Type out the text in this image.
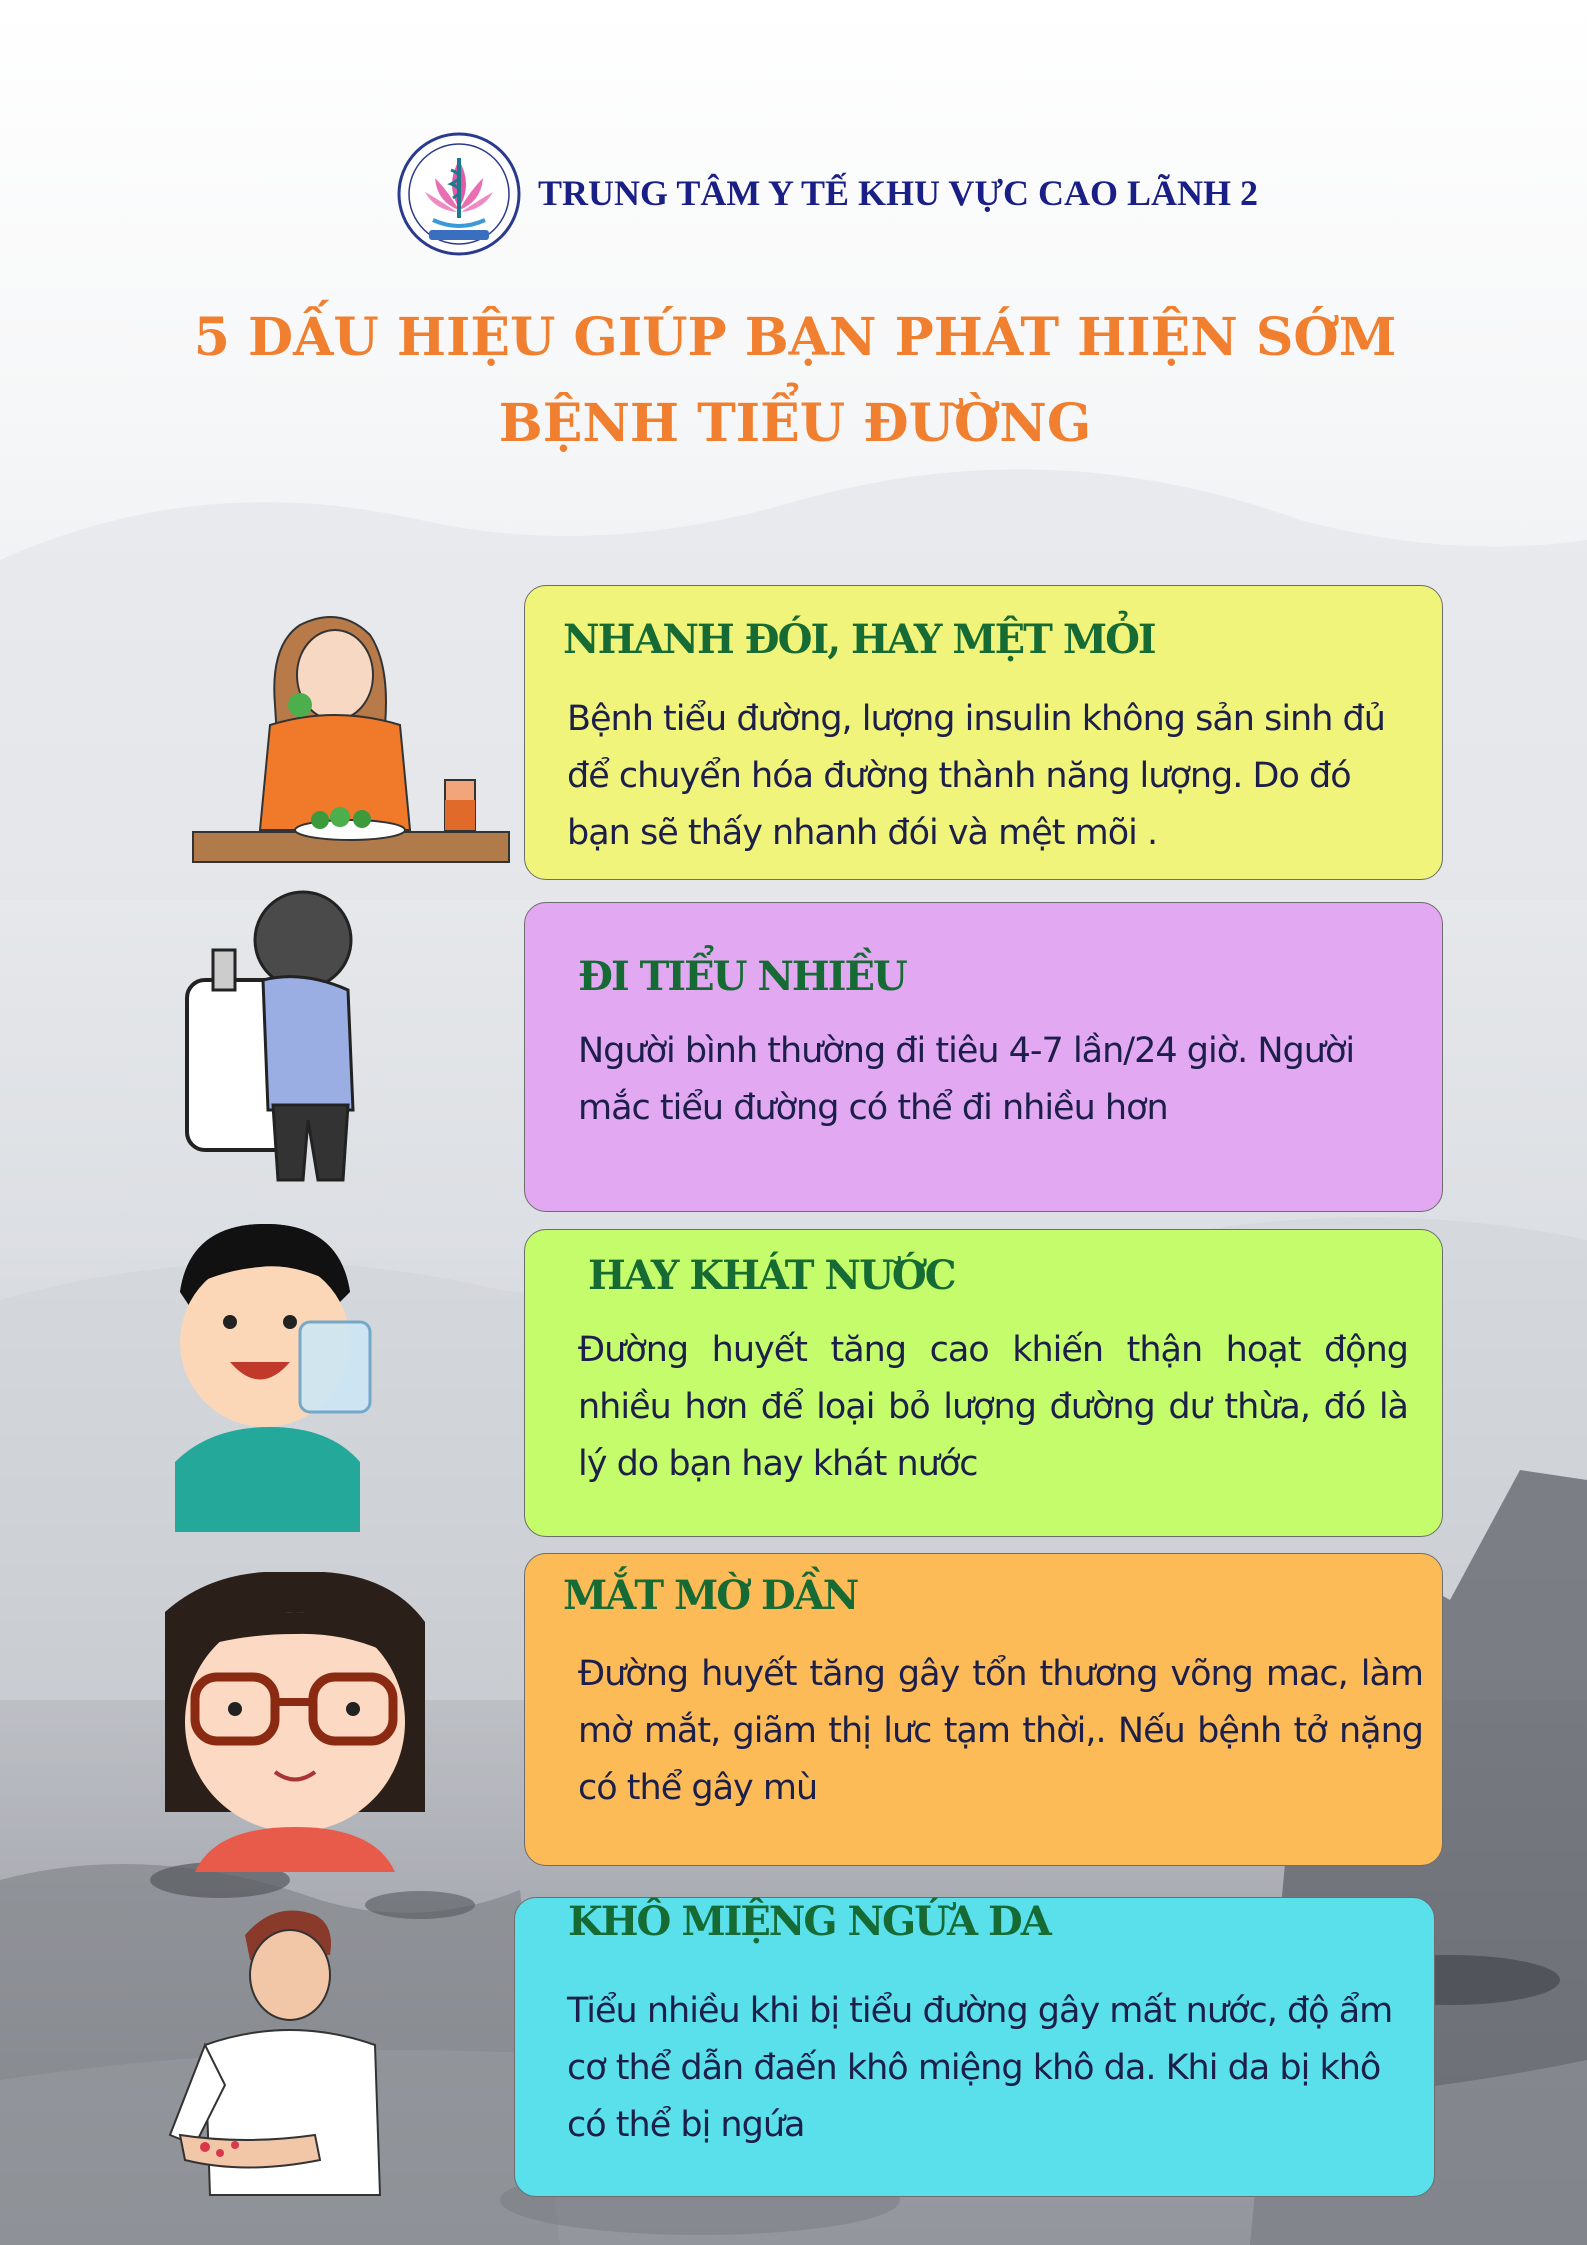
TRUNG TÂM Y TẾ KHU VỰC CAO LÃNH 2
5 DẤU HIỆU GIÚP BẠN PHÁT HIỆN SỚM
BỆNH TIỂU ĐƯỜNG
NHANH ĐÓI, HAY MỆT MỎI

Bệnh tiểu đường, lượng insulin không sản sinh đủ để chuyển hóa đường thành năng lượng. Do đó bạn sẽ thấy nhanh đói và mệt mõi .

ĐI TIỂU NHIỀU

Người bình thường đi tiêu 4-7 lần/24 giờ. Người mắc tiểu đường có thể đi nhiều hơn

HAY KHÁT NƯỚC

Đường huyết tăng cao khiến thận hoạt động nhiều hơn để loại bỏ lượng đường dư thừa, đó là lý do bạn hay khát nước

MẮT MỜ DẦN

Đường huyết tăng gây tổn thương võng mac, làm mờ mắt, giãm thị lưc tạm thời,. Nếu bệnh tở nặng có thể gây mù

KHÔ MIỆNG NGỨA DA

Tiểu nhiều khi bị tiểu đường gây mất nước, độ ẩm cơ thể dẫn đaến khô miệng khô da. Khi da bị khô có thể bị ngứa
